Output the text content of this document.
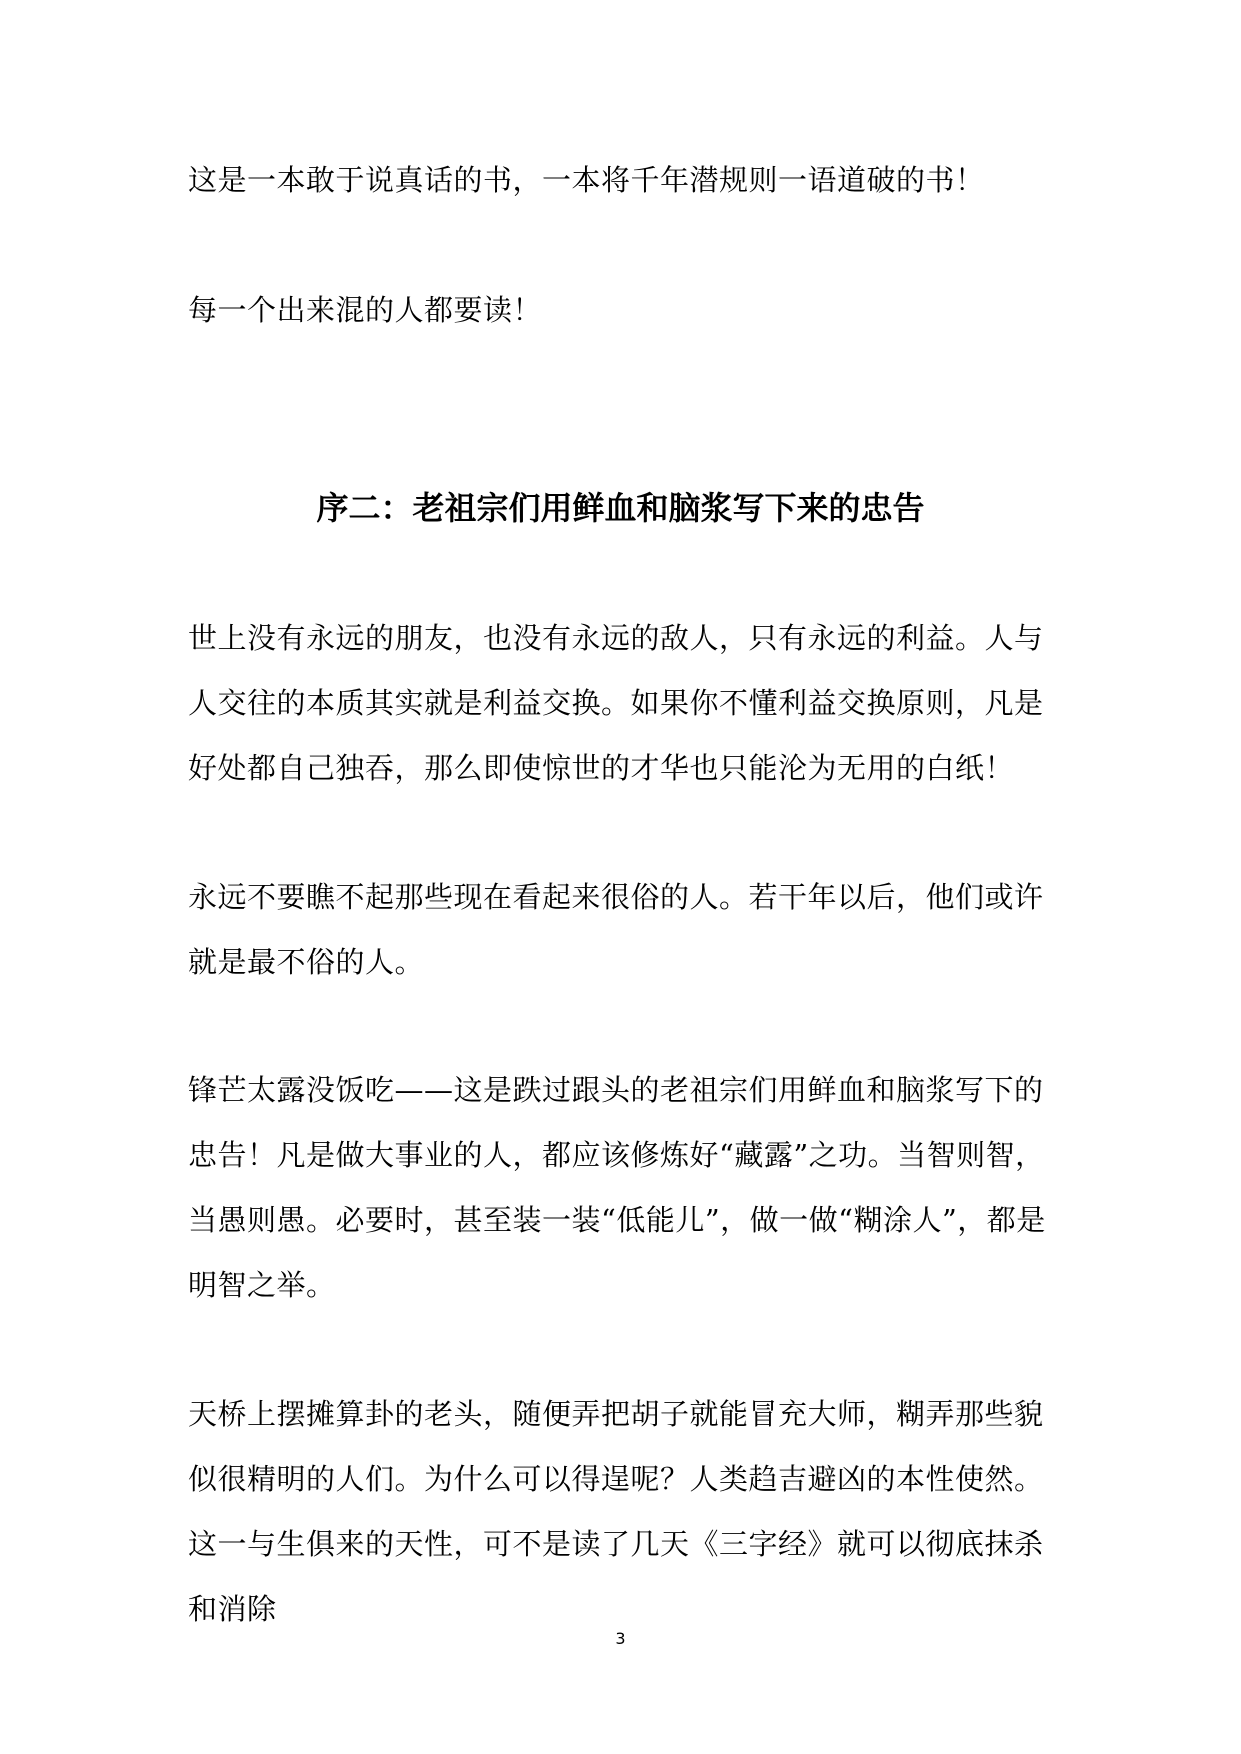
这是一本敢于说真话的书，一本将千年潜规则一语道破的书！

每一个出来混的人都要读！

序二：老祖宗们用鲜血和脑浆写下来的忠告

世上没有永远的朋友，也没有永远的敌人，只有永远的利益。人与人交往的本质其实就是利益交换。如果你不懂利益交换原则，凡是好处都自己独吞，那么即使惊世的才华也只能沦为无用的白纸！

永远不要瞧不起那些现在看起来很俗的人。若干年以后，他们或许就是最不俗的人。

锋芒太露没饭吃——这是跌过跟头的老祖宗们用鲜血和脑浆写下的忠告！凡是做大事业的人，都应该修炼好“藏露”之功。当智则智，当愚则愚。必要时，甚至装一装“低能儿”，做一做“糊涂人”，都是明智之举。

天桥上摆摊算卦的老头，随便弄把胡子就能冒充大师，糊弄那些貌似很精明的人们。为什么可以得逞呢？人类趋吉避凶的本性使然。这一与生俱来的天性，可不是读了几天《三字经》就可以彻底抹杀和消除

3
